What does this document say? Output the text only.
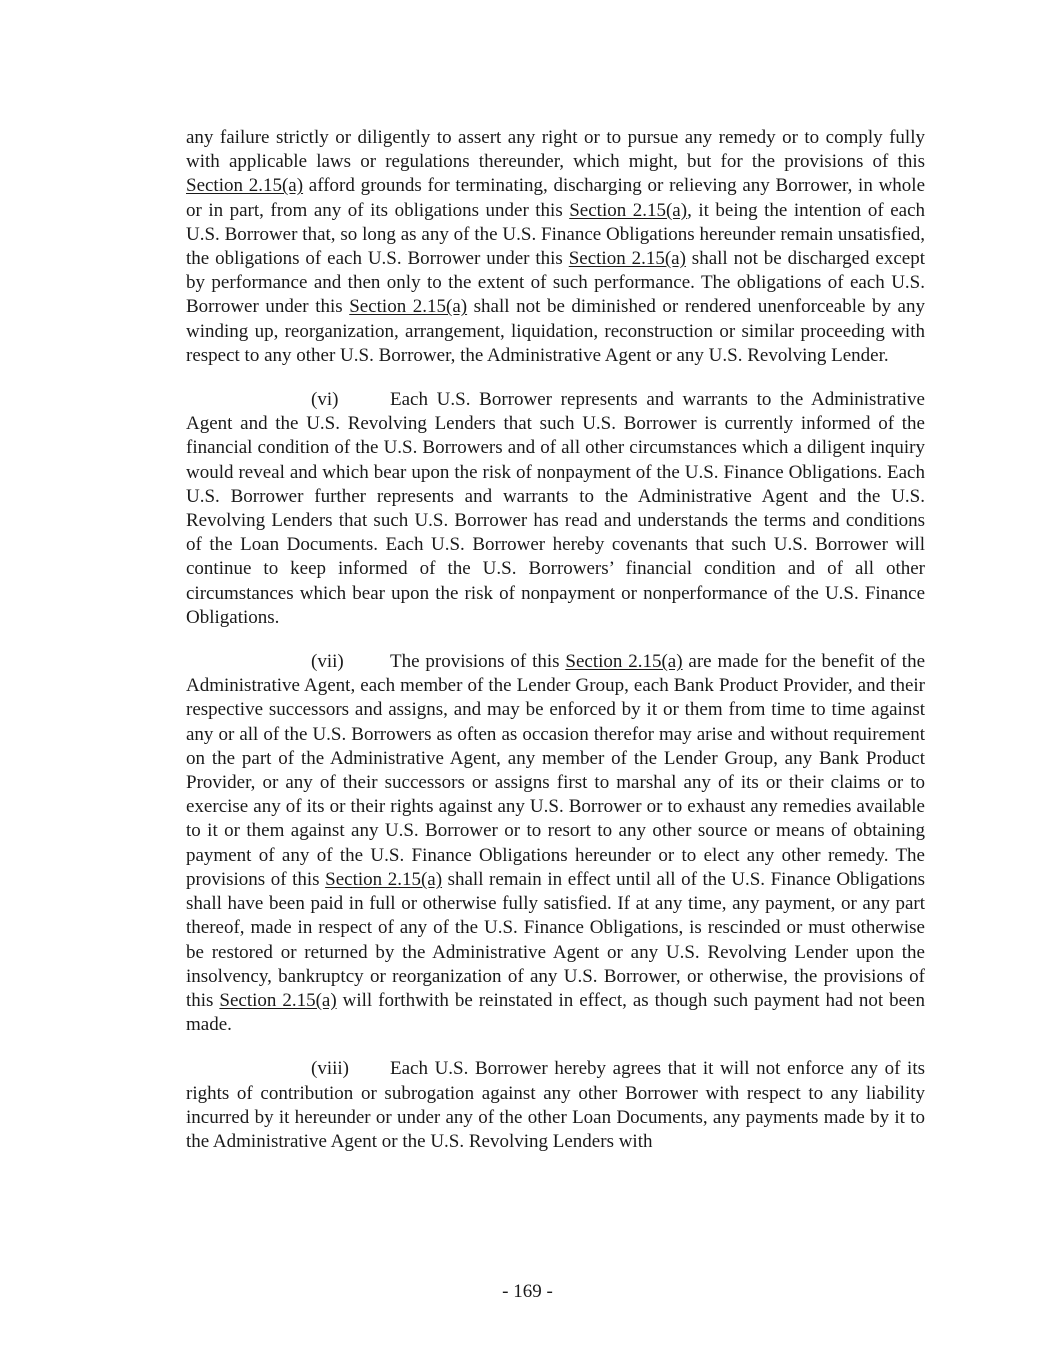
any failure strictly or diligently to assert any right or to pursue any remedy or to comply fully with applicable laws or regulations thereunder, which might, but for the provisions of this Section 2.15(a) afford grounds for terminating, discharging or relieving any Borrower, in whole or in part, from any of its obligations under this Section 2.15(a), it being the intention of each U.S. Borrower that, so long as any of the U.S. Finance Obligations hereunder remain unsatisfied, the obligations of each U.S. Borrower under this Section 2.15(a) shall not be discharged except by performance and then only to the extent of such performance. The obligations of each U.S. Borrower under this Section 2.15(a) shall not be diminished or rendered unenforceable by any winding up, reorganization, arrangement, liquidation, reconstruction or similar proceeding with respect to any other U.S. Borrower, the Administrative Agent or any U.S. Revolving Lender.

(vi)	Each U.S. Borrower represents and warrants to the Administrative Agent and the U.S. Revolving Lenders that such U.S. Borrower is currently informed of the financial condition of the U.S. Borrowers and of all other circumstances which a diligent inquiry would reveal and which bear upon the risk of nonpayment of the U.S. Finance Obligations. Each U.S. Borrower further represents and warrants to the Administrative Agent and the U.S. Revolving Lenders that such U.S. Borrower has read and understands the terms and conditions of the Loan Documents. Each U.S. Borrower hereby covenants that such U.S. Borrower will continue to keep informed of the U.S. Borrowers’ financial condition and of all other circumstances which bear upon the risk of nonpayment or nonperformance of the U.S. Finance Obligations.

(vii) The provisions of this Section 2.15(a) are made for the benefit of the Administrative Agent, each member of the Lender Group, each Bank Product Provider, and their respective successors and assigns, and may be enforced by it or them from time to time against any or all of the U.S. Borrowers as often as occasion therefor may arise and without requirement on the part of the Administrative Agent, any member of the Lender Group, any Bank Product Provider, or any of their successors or assigns first to marshal any of its or their claims or to exercise any of its or their rights against any U.S. Borrower or to exhaust any remedies available to it or them against any U.S. Borrower or to resort to any other source or means of obtaining payment of any of the U.S. Finance Obligations hereunder or to elect any other remedy. The provisions of this Section 2.15(a) shall remain in effect until all of the U.S. Finance Obligations shall have been paid in full or otherwise fully satisfied. If at any time, any payment, or any part thereof, made in respect of any of the U.S. Finance Obligations, is rescinded or must otherwise be restored or returned by the Administrative Agent or any U.S. Revolving Lender upon the insolvency, bankruptcy or reorganization of any U.S. Borrower, or otherwise, the provisions of this Section 2.15(a) will forthwith be reinstated in effect, as though such payment had not been made.

(viii) Each U.S. Borrower hereby agrees that it will not enforce any of its rights of contribution or subrogation against any other Borrower with respect to any liability incurred by it hereunder or under any of the other Loan Documents, any payments made by it to the Administrative Agent or the U.S. Revolving Lenders with

- 169 -
